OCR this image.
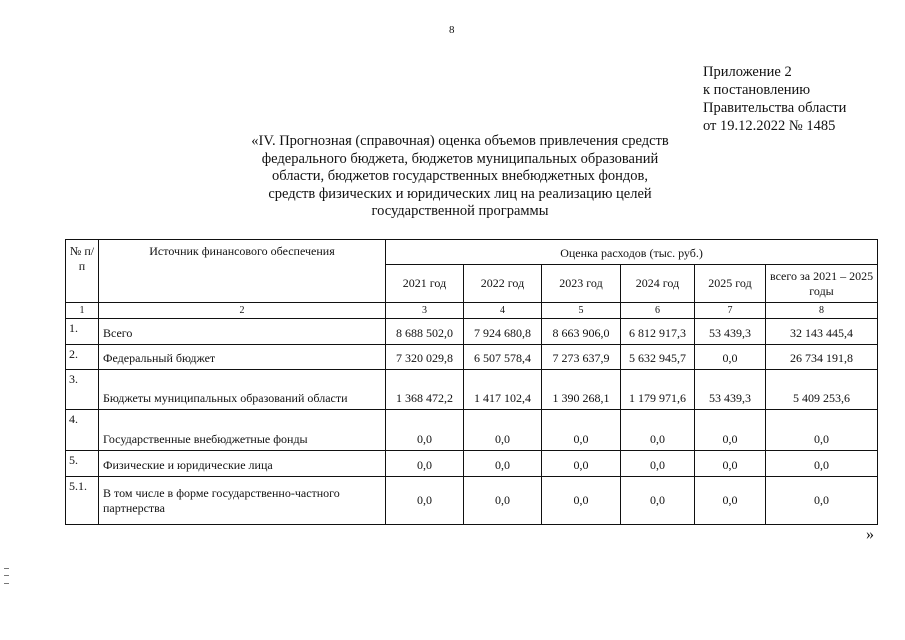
8
Приложение 2
к постановлению
Правительства области
от 19.12.2022 № 1485
«IV. Прогнозная (справочная) оценка объемов привлечения средств
федерального бюджета, бюджетов муниципальных образований
области, бюджетов государственных внебюджетных фондов,
средств физических и юридических лиц на реализацию целей
государственной программы
№ п/п	Источник финансового обеспечения	Оценка расходов (тыс. руб.)					
		2021 год	2022 год	2023 год	2024 год	2025 год	всего за 2021 – 2025 годы
1	2	3	4	5	6	7	8
1.	Всего	8 688 502,0	7 924 680,8	8 663 906,0	6 812 917,3	53 439,3	32 143 445,4
2.	Федеральный бюджет	7 320 029,8	6 507 578,4	7 273 637,9	5 632 945,7	0,0	26 734 191,8
3.	Бюджеты муниципальных образований области	1 368 472,2	1 417 102,4	1 390 268,1	1 179 971,6	53 439,3	5 409 253,6
4.	Государственные внебюджетные фонды	0,0	0,0	0,0	0,0	0,0	0,0
5.	Физические и юридические лица	0,0	0,0	0,0	0,0	0,0	0,0
5.1.	В том числе в форме государственно-частного партнерства	0,0	0,0	0,0	0,0	0,0	0,0
»
